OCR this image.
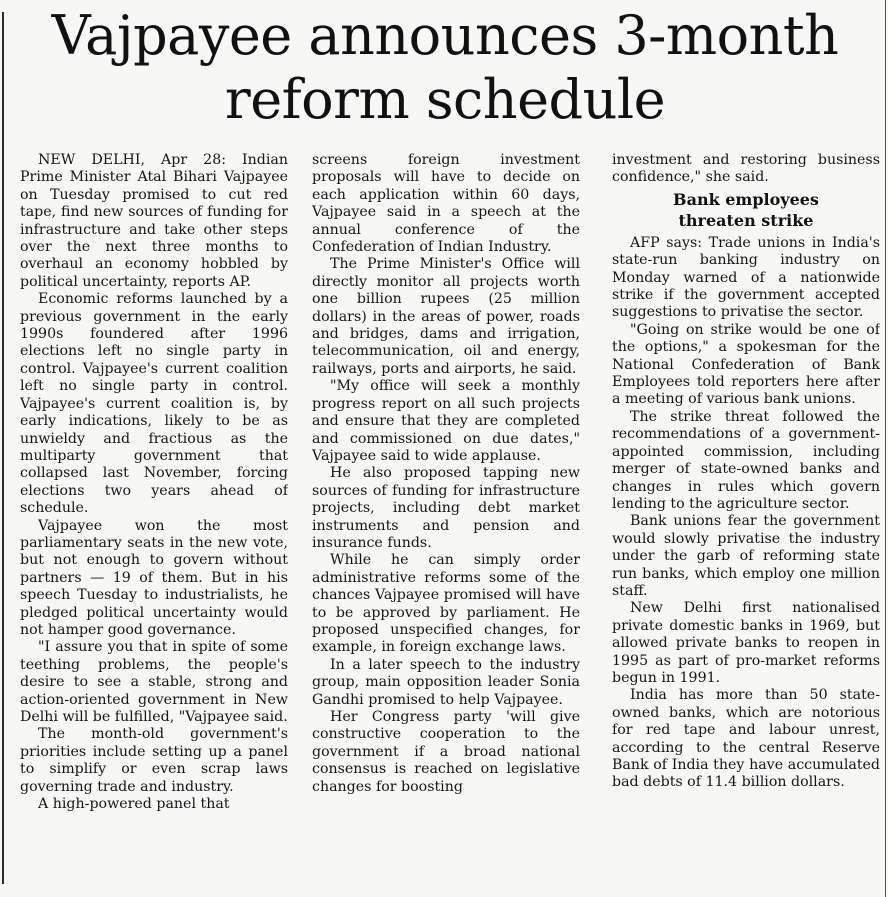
Vajpayee announces 3-month reform schedule

NEW DELHI, Apr 28: Indian Prime Minister Atal Bihari Vajpayee on Tuesday promised to cut red tape, find new sources of funding for infrastructure and take other steps over the next three months to overhaul an economy hobbled by political uncertainty, reports AP.

Economic reforms launched by a previous government in the early 1990s foundered after 1996 elections left no single party in control. Vajpayee's current coalition left no single party in control. Vajpayee's current coalition is, by early indications, likely to be as unwieldy and fractious as the multiparty government that collapsed last November, forcing elections two years ahead of schedule.

Vajpayee won the most parliamentary seats in the new vote, but not enough to govern without partners — 19 of them. But in his speech Tuesday to industrialists, he pledged political uncertainty would not hamper good governance.

"I assure you that in spite of some teething problems, the people's desire to see a stable, strong and action-oriented government in New Delhi will be fulfilled, "Vajpayee said.

The month-old government's priorities include setting up a panel to simplify or even scrap laws governing trade and industry.

A high-powered panel that

screens foreign investment proposals will have to decide on each application within 60 days, Vajpayee said in a speech at the annual conference of the Confederation of Indian Industry.

The Prime Minister's Office will directly monitor all projects worth one billion rupees (25 million dollars) in the areas of power, roads and bridges, dams and irrigation, telecommunication, oil and energy, railways, ports and airports, he said.

"My office will seek a monthly progress report on all such projects and ensure that they are completed and commissioned on due dates," Vajpayee said to wide applause.

He also proposed tapping new sources of funding for infrastructure projects, including debt market instruments and pension and insurance funds.

While he can simply order administrative reforms some of the chances Vajpayee promised will have to be approved by parliament. He proposed unspecified changes, for example, in foreign exchange laws.

In a later speech to the industry group, main opposition leader Sonia Gandhi promised to help Vajpayee.

Her Congress party 'will give constructive cooperation to the government if a broad national consensus is reached on legislative changes for boosting

investment and restoring business confidence," she said.

Bank employees
threaten strike

AFP says: Trade unions in India's state-run banking industry on Monday warned of a nationwide strike if the government accepted suggestions to privatise the sector.

"Going on strike would be one of the options," a spokesman for the National Confederation of Bank Employees told reporters here after a meeting of various bank unions.

The strike threat followed the recommendations of a government-appointed commission, including merger of state-owned banks and changes in rules which govern lending to the agriculture sector.

Bank unions fear the government would slowly privatise the industry under the garb of reforming state run banks, which employ one million staff.

New Delhi first nationalised private domestic banks in 1969, but allowed private banks to reopen in 1995 as part of pro-market reforms begun in 1991.

India has more than 50 state-owned banks, which are notorious for red tape and labour unrest, according to the central Reserve Bank of India they have accumulated bad debts of 11.4 billion dollars.
